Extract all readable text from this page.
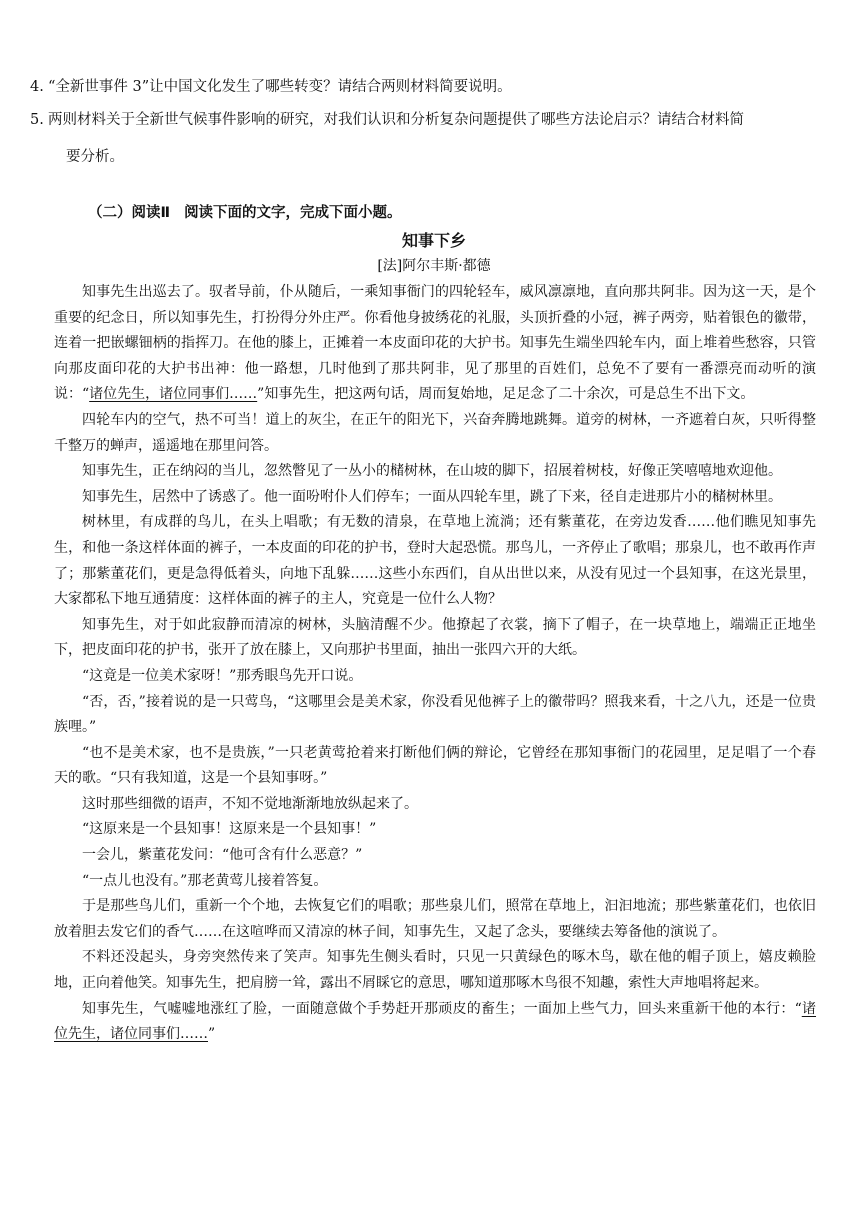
4. “全新世事件 3”让中国文化发生了哪些转变？请结合两则材料简要说明。
5. 两则材料关于全新世气候事件影响的研究，对我们认识和分析复杂问题提供了哪些方法论启示？请结合材料简
要分析。
（二）阅读Ⅱ 阅读下面的文字，完成下面小题。
知事下乡
[法]阿尔丰斯·都德

知事先生出巡去了。驭者导前，仆从随后，一乘知事衙门的四轮轻车，威风凛凛地，直向那共阿非。因为这一天，是个重要的纪念日，所以知事先生，打扮得分外庄严。你看他身披绣花的礼服，头顶折叠的小冠，裤子两旁，贴着银色的徽带，连着一把嵌螺钿柄的指挥刀。在他的膝上，正摊着一本皮面印花的大护书。知事先生端坐四轮车内，面上堆着些愁容，只管向那皮面印花的大护书出神：他一路想，几时他到了那共阿非，见了那里的百姓们，总免不了要有一番漂亮而动听的演说：“诸位先生，诸位同事们……”知事先生，把这两句话，周而复始地，足足念了二十余次，可是总生不出下文。

四轮车内的空气，热不可当！道上的灰尘，在正午的阳光下，兴奋奔腾地跳舞。道旁的树林，一齐遮着白灰，只听得整千整万的蝉声，遥遥地在那里问答。

知事先生，正在纳闷的当儿，忽然瞥见了一丛小的槠树林，在山坡的脚下，招展着树枝，好像正笑嘻嘻地欢迎他。

知事先生，居然中了诱惑了。他一面吩咐仆人们停车；一面从四轮车里，跳了下来，径自走进那片小的槠树林里。

树林里，有成群的鸟儿，在头上唱歌；有无数的清泉，在草地上流淌；还有紫董花，在旁边发香……他们瞧见知事先生，和他一条这样体面的裤子，一本皮面的印花的护书，登时大起恐慌。那鸟儿，一齐停止了歌唱；那泉儿，也不敢再作声了；那紫董花们，更是急得低着头，向地下乱躲……这些小东西们，自从出世以来，从没有见过一个县知事，在这光景里，大家都私下地互通猜度：这样体面的裤子的主人，究竟是一位什么人物？

知事先生，对于如此寂静而清凉的树林，头脑清醒不少。他撩起了衣裳，摘下了帽子，在一块草地上，端端正正地坐下，把皮面印花的护书，张开了放在膝上，又向那护书里面，抽出一张四六开的大纸。

“这竟是一位美术家呀！”那秀眼鸟先开口说。

“否，否，”接着说的是一只莺鸟，“这哪里会是美术家，你没看见他裤子上的徽带吗？照我来看，十之八九，还是一位贵族哩。”

“也不是美术家，也不是贵族，”一只老黄莺抢着来打断他们俩的辩论，它曾经在那知事衙门的花园里，足足唱了一个春天的歌。“只有我知道，这是一个县知事呀。”

这时那些细微的语声，不知不觉地渐渐地放纵起来了。

“这原来是一个县知事！这原来是一个县知事！”

一会儿，紫董花发问：“他可含有什么恶意？”

“一点儿也没有。”那老黄莺儿接着答复。

于是那些鸟儿们，重新一个个地，去恢复它们的唱歌；那些泉儿们，照常在草地上，汩汩地流；那些紫董花们，也依旧放着胆去发它们的香气……在这喧哗而又清凉的林子间，知事先生，又起了念头，要继续去筹备他的演说了。

不料还没起头，身旁突然传来了笑声。知事先生侧头看时，只见一只黄绿色的啄木鸟，歇在他的帽子顶上，嬉皮赖脸地，正向着他笑。知事先生，把肩膀一耸，露出不屑睬它的意思，哪知道那啄木鸟很不知趣，索性大声地唱将起来。

知事先生，气嘘嘘地涨红了脸，一面随意做个手势赶开那顽皮的畜生；一面加上些气力，回头来重新干他的本行：“诸位先生，诸位同事们……”
